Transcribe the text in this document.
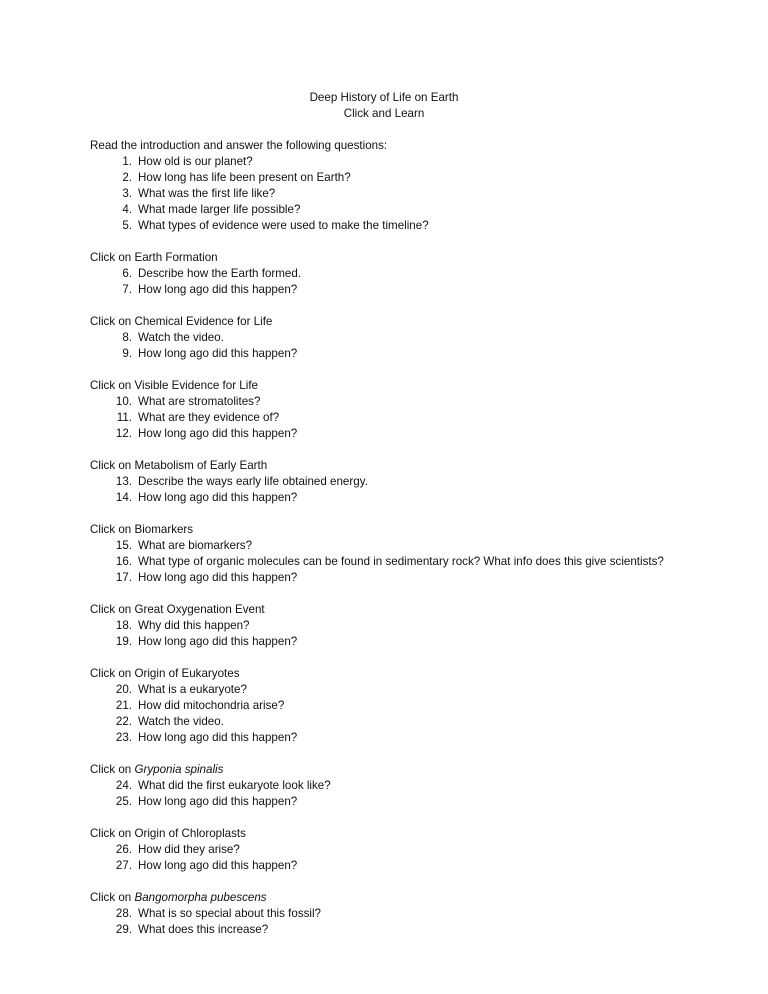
Deep History of Life on Earth
Click and Learn
Read the introduction and answer the following questions:
1. How old is our planet?
2. How long has life been present on Earth?
3. What was the first life like?
4. What made larger life possible?
5. What types of evidence were used to make the timeline?
Click on Earth Formation
6. Describe how the Earth formed.
7. How long ago did this happen?
Click on Chemical Evidence for Life
8. Watch the video.
9. How long ago did this happen?
Click on Visible Evidence for Life
10. What are stromatolites?
11. What are they evidence of?
12. How long ago did this happen?
Click on Metabolism of Early Earth
13. Describe the ways early life obtained energy.
14. How long ago did this happen?
Click on Biomarkers
15. What are biomarkers?
16. What type of organic molecules can be found in sedimentary rock? What info does this give scientists?
17. How long ago did this happen?
Click on Great Oxygenation Event
18. Why did this happen?
19. How long ago did this happen?
Click on Origin of Eukaryotes
20. What is a eukaryote?
21. How did mitochondria arise?
22. Watch the video.
23. How long ago did this happen?
Click on Gryponia spinalis
24. What did the first eukaryote look like?
25. How long ago did this happen?
Click on Origin of Chloroplasts
26. How did they arise?
27. How long ago did this happen?
Click on Bangomorpha pubescens
28. What is so special about this fossil?
29. What does this increase?
